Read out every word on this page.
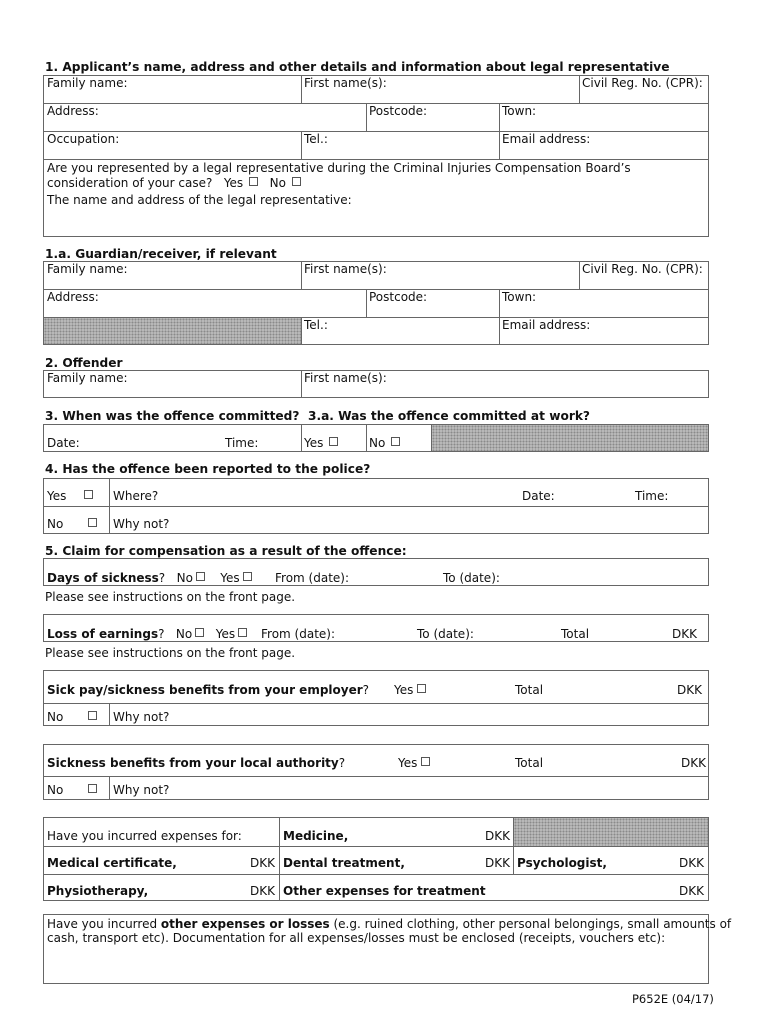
1. Applicant’s name, address and other details and information about legal representative
Family name:	First name(s):	Civil Reg. No. (CPR):
Address:	Postcode:	Town:
Occupation:	Tel.:	Email address:
Are you represented by a legal representative during the Criminal Injuries Compensation Board’s
consideration of your case? Yes No
The name and address of the legal representative:
1.a. Guardian/receiver, if relevant
Family name:	First name(s):	Civil Reg. No. (CPR):
Address:	Postcode:	Town:
Tel.:	Email address:
2. Offender
Family name:	First name(s):
3. When was the offence committed? 3.a. Was the offence committed at work?
Date:	Time:	Yes	No
4. Has the offence been reported to the police?
Yes	Where?	Date:	Time:
No	Why not?
5. Claim for compensation as a result of the offence:
Days of sickness? No Yes	From (date):	To (date):
Please see instructions on the front page.
Loss of earnings? No Yes	From (date):	To (date):	Total	DKK
Please see instructions on the front page.
Sick pay/sickness benefits from your employer? Yes	Total	DKK
No	Why not?
Sickness benefits from your local authority?	Yes	Total	DKK
No	Why not?
Have you incurred expenses for:	Medicine,	DKK
Medical certificate,	DKK Dental treatment,	DKK Psychologist,	DKK
Physiotherapy,	DKK Other expenses for treatment	DKK
Have you incurred other expenses or losses (e.g. ruined clothing, other personal belongings, small amounts of
cash, transport etc). Documentation for all expenses/losses must be enclosed (receipts, vouchers etc):
P652E (04/17)
